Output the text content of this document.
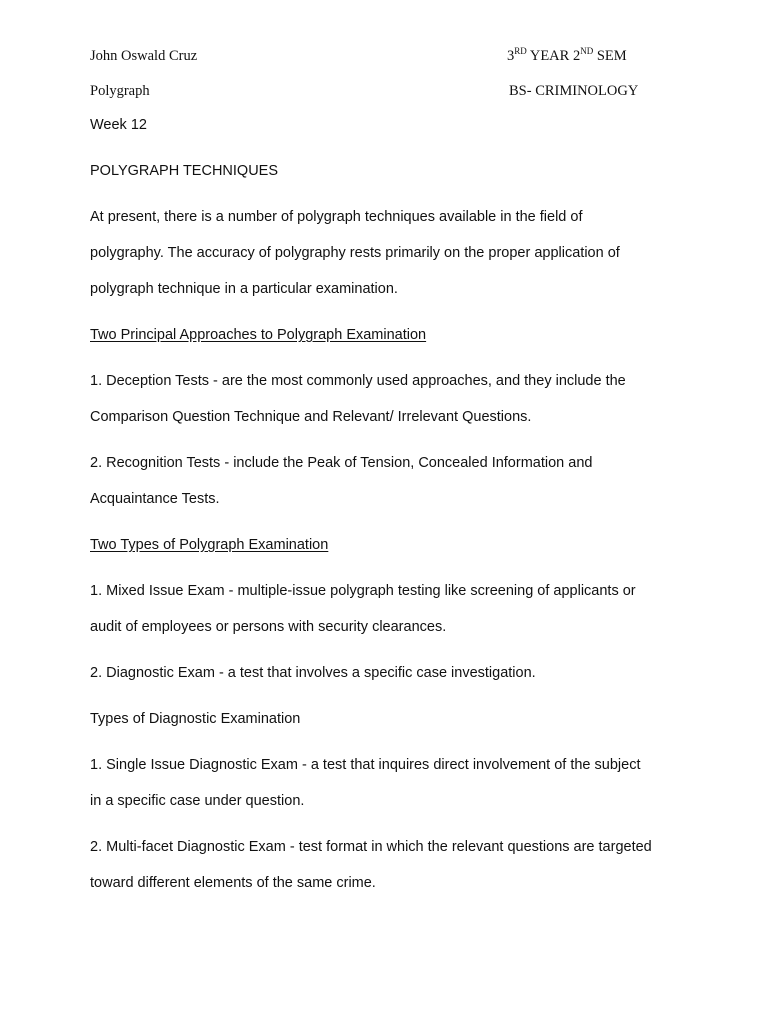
John Oswald Cruz	3RD YEAR 2ND SEM
Polygraph	BS- CRIMINOLOGY
Week 12
POLYGRAPH TECHNIQUES
At present, there is a number of polygraph techniques available in the field of
polygraphy. The accuracy of polygraphy rests primarily on the proper application of
polygraph technique in a particular examination.
Two Principal Approaches to Polygraph Examination
1. Deception Tests - are the most commonly used approaches, and they include the
Comparison Question Technique and Relevant/ Irrelevant Questions.
2. Recognition Tests - include the Peak of Tension, Concealed Information and
Acquaintance Tests.
Two Types of Polygraph Examination
1. Mixed Issue Exam - multiple-issue polygraph testing like screening of applicants or
audit of employees or persons with security clearances.
2. Diagnostic Exam - a test that involves a specific case investigation.
Types of Diagnostic Examination
1. Single Issue Diagnostic Exam - a test that inquires direct involvement of the subject
in a specific case under question.
2. Multi-facet Diagnostic Exam - test format in which the relevant questions are targeted
toward different elements of the same crime.
